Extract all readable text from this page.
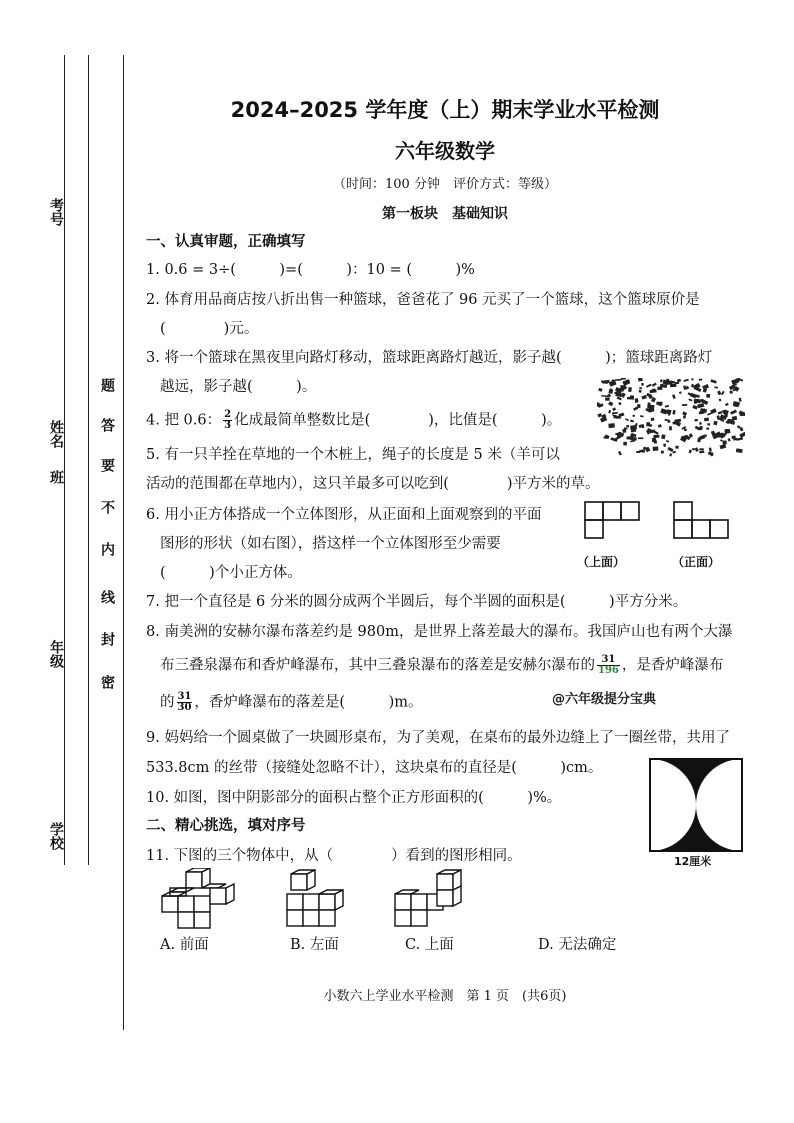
考号
班
姓名
年级
学校
题
答
要
不
内
线
封
密
2024–2025 学年度（上）期末学业水平检测
六年级数学
（时间：100 分钟　评价方式：等级）
第一板块　基础知识
一、认真审题，正确填写
1. 0.6 = 3÷(　　　)=(　　　)：10 = (　　　)%
2. 体育用品商店按八折出售一种篮球，爸爸花了 96 元买了一个篮球，这个篮球原价是
(　　　　)元。
3. 将一个篮球在黑夜里向路灯移动，篮球距离路灯越近，影子越(　　　)；篮球距离路灯
越远，影子越(　　　)。
4. 把 0.6： $\frac{2}{3}$ 化成最简单整数比是(　　　　)，比值是(　　　)。
5. 有一只羊拴在草地的一个木桩上，绳子的长度是 5 米（羊可以
活动的范围都在草地内），这只羊最多可以吃到(　　　　)平方米的草。
6. 用小正方体搭成一个立体图形，从正面和上面观察到的平面
图形的形状（如右图），搭这样一个立体图形至少需要
(　　　)个小正方体。
（上面）	（正面）
7. 把一个直径是 6 分米的圆分成两个半圆后，每个半圆的面积是(　　　)平方分米。
8. 南美洲的安赫尔瀑布落差约是 980m，是世界上落差最大的瀑布。我国庐山也有两个大瀑
布三叠泉瀑布和香炉峰瀑布，其中三叠泉瀑布的落差是安赫尔瀑布的 $\frac{31}{196}$ ，是香炉峰瀑布
的 $\frac{31}{30}$ ，香炉峰瀑布的落差是(　　　)m。	@六年级提分宝典
9. 妈妈给一个圆桌做了一块圆形桌布，为了美观，在桌布的最外边缝上了一圈丝带，共用了
533.8cm 的丝带（接缝处忽略不计），这块桌布的直径是(　　　)cm。
10. 如图，图中阴影部分的面积占整个正方形面积的(　　　)%。
12厘米
二、精心挑选，填对序号
11. 下图的三个物体中，从（　　　　）看到的图形相同。
A. 前面	B. 左面	C. 上面	D. 无法确定
小数六上学业水平检测　第 1 页　(共6页)
